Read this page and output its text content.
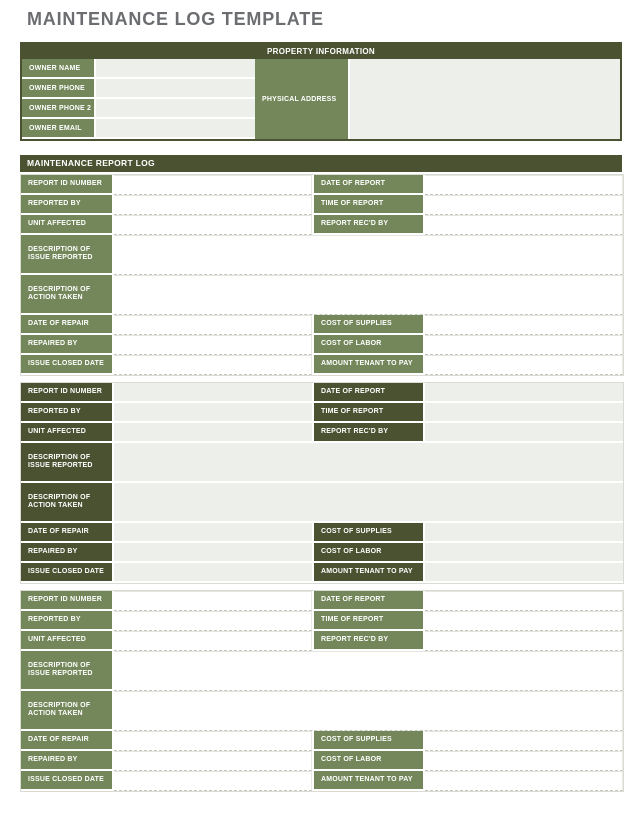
MAINTENANCE LOG TEMPLATE
PROPERTY INFORMATION
OWNER NAME
OWNER PHONE
OWNER PHONE 2
OWNER EMAIL
PHYSICAL ADDRESS
MAINTENANCE REPORT LOG
REPORT ID NUMBER	DATE OF REPORT
REPORTED BY	TIME OF REPORT
UNIT AFFECTED	REPORT REC'D BY
DESCRIPTION OF ISSUE REPORTED
DESCRIPTION OF ACTION TAKEN
DATE OF REPAIR	COST OF SUPPLIES
REPAIRED BY	COST OF LABOR
ISSUE CLOSED DATE	AMOUNT TENANT TO PAY
REPORT ID NUMBER	DATE OF REPORT
REPORTED BY	TIME OF REPORT
UNIT AFFECTED	REPORT REC'D BY
DESCRIPTION OF ISSUE REPORTED
DESCRIPTION OF ACTION TAKEN
DATE OF REPAIR	COST OF SUPPLIES
REPAIRED BY	COST OF LABOR
ISSUE CLOSED DATE	AMOUNT TENANT TO PAY
REPORT ID NUMBER	DATE OF REPORT
REPORTED BY	TIME OF REPORT
UNIT AFFECTED	REPORT REC'D BY
DESCRIPTION OF ISSUE REPORTED
DESCRIPTION OF ACTION TAKEN
DATE OF REPAIR	COST OF SUPPLIES
REPAIRED BY	COST OF LABOR
ISSUE CLOSED DATE	AMOUNT TENANT TO PAY
